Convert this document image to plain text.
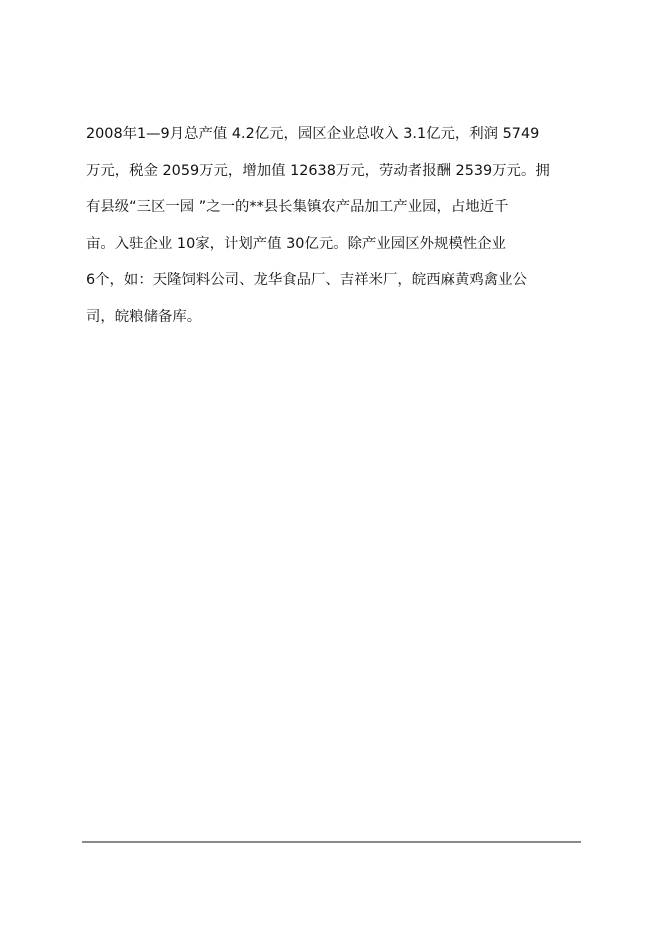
2008年1—9月总产值 4.2亿元，园区企业总收入 3.1亿元，利润 5749
万元，税金 2059万元，增加值 12638万元，劳动者报酬 2539万元。拥
有县级“三区一园 ”之一的**县长集镇农产品加工产业园，占地近千
亩。入驻企业 10家，计划产值 30亿元。除产业园区外规模性企业
6个，如：天隆饲料公司、龙华食品厂、吉祥米厂，皖西麻黄鸡禽业公
司，皖粮储备库。
